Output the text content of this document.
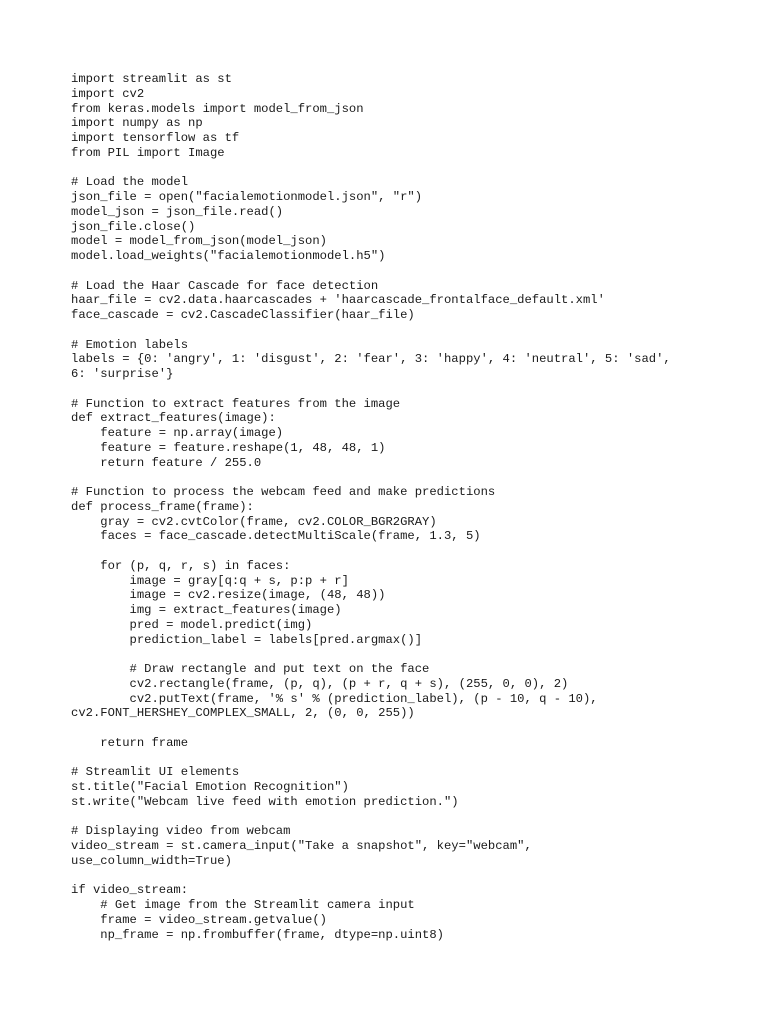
import streamlit as st
import cv2
from keras.models import model_from_json
import numpy as np
import tensorflow as tf
from PIL import Image

# Load the model
json_file = open("facialemotionmodel.json", "r")
model_json = json_file.read()
json_file.close()
model = model_from_json(model_json)
model.load_weights("facialemotionmodel.h5")

# Load the Haar Cascade for face detection
haar_file = cv2.data.haarcascades + 'haarcascade_frontalface_default.xml'
face_cascade = cv2.CascadeClassifier(haar_file)

# Emotion labels
labels = {0: 'angry', 1: 'disgust', 2: 'fear', 3: 'happy', 4: 'neutral', 5: 'sad',
6: 'surprise'}

# Function to extract features from the image
def extract_features(image):
feature = np.array(image)
feature = feature.reshape(1, 48, 48, 1)
return feature / 255.0

# Function to process the webcam feed and make predictions
def process_frame(frame):
gray = cv2.cvtColor(frame, cv2.COLOR_BGR2GRAY)
faces = face_cascade.detectMultiScale(frame, 1.3, 5)

for (p, q, r, s) in faces:
image = gray[q:q + s, p:p + r]
image = cv2.resize(image, (48, 48))
img = extract_features(image)
pred = model.predict(img)
prediction_label = labels[pred.argmax()]

# Draw rectangle and put text on the face
cv2.rectangle(frame, (p, q), (p + r, q + s), (255, 0, 0), 2)
cv2.putText(frame, '% s' % (prediction_label), (p - 10, q - 10),
cv2.FONT_HERSHEY_COMPLEX_SMALL, 2, (0, 0, 255))

return frame

# Streamlit UI elements
st.title("Facial Emotion Recognition")
st.write("Webcam live feed with emotion prediction.")

# Displaying video from webcam
video_stream = st.camera_input("Take a snapshot", key="webcam",
use_column_width=True)

if video_stream:
# Get image from the Streamlit camera input
frame = video_stream.getvalue()
np_frame = np.frombuffer(frame, dtype=np.uint8)
